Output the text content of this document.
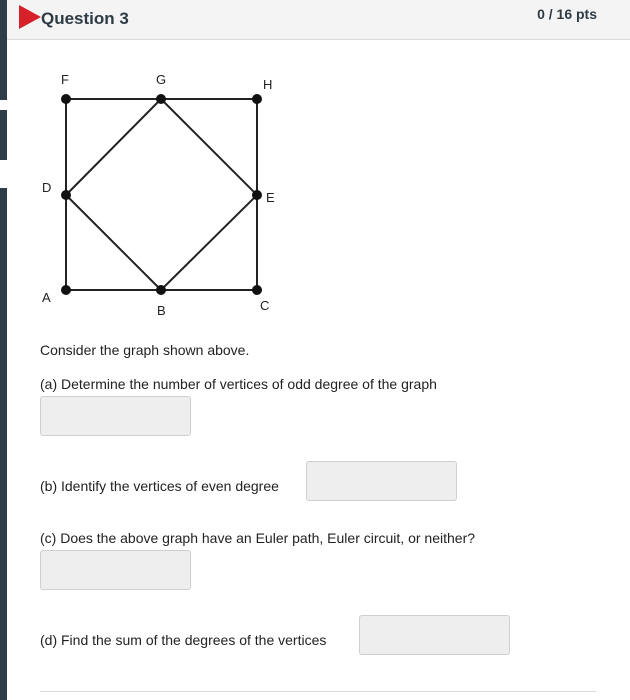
Question 3	0 / 16 pts
F	G	H
D
E
A
B	C
Consider the graph shown above.
(a) Determine the number of vertices of odd degree of the graph
(b) Identify the vertices of even degree
(c) Does the above graph have an Euler path, Euler circuit, or neither?
(d) Find the sum of the degrees of the vertices
